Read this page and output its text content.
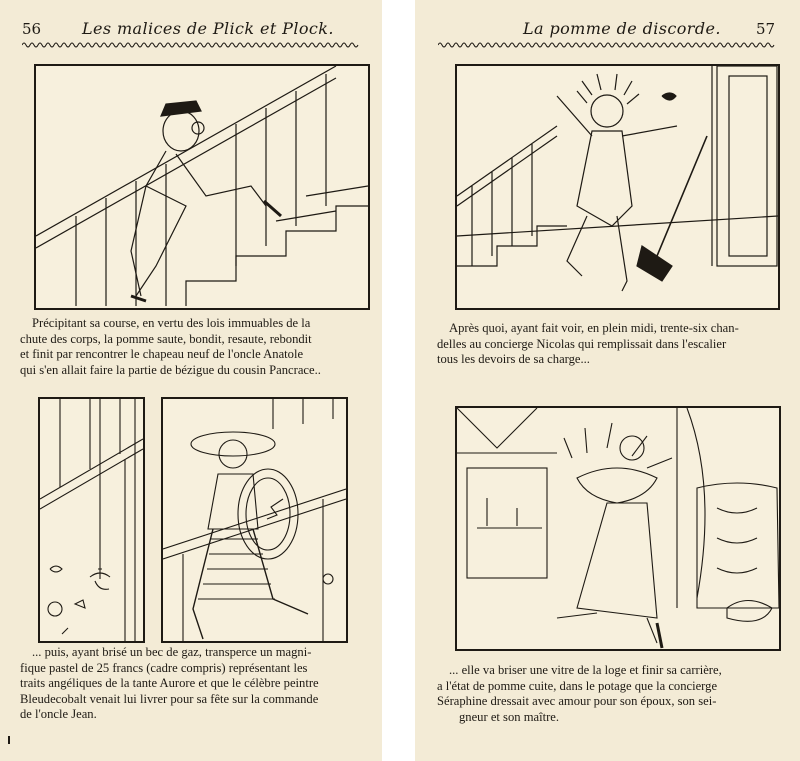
56	Les malices de Plick et Plock.
Précipitant sa course, en vertu des lois immuables de la
chute des corps, la pomme saute, bondit, resaute, rebondit
et finit par rencontrer le chapeau neuf de l'oncle Anatole
qui s'en allait faire la partie de bézigue du cousin Pancrace..
... puis, ayant brisé un bec de gaz, transperce un magni-
fique pastel de 25 francs (cadre compris) représentant les
traits angéliques de la tante Aurore et que le célèbre peintre
Bleudecobalt venait lui livrer pour sa fête sur la commande
de l'oncle Jean.
La pomme de discorde. 57
Après quoi, ayant fait voir, en plein midi, trente-six chan-
delles au concierge Nicolas qui remplissait dans l'escalier
tous les devoirs de sa charge...
... elle va briser une vitre de la loge et finir sa carrière,
a l'état de pomme cuite, dans le potage que la concierge
Séraphine dressait avec amour pour son époux, son sei-
gneur et son maître.
